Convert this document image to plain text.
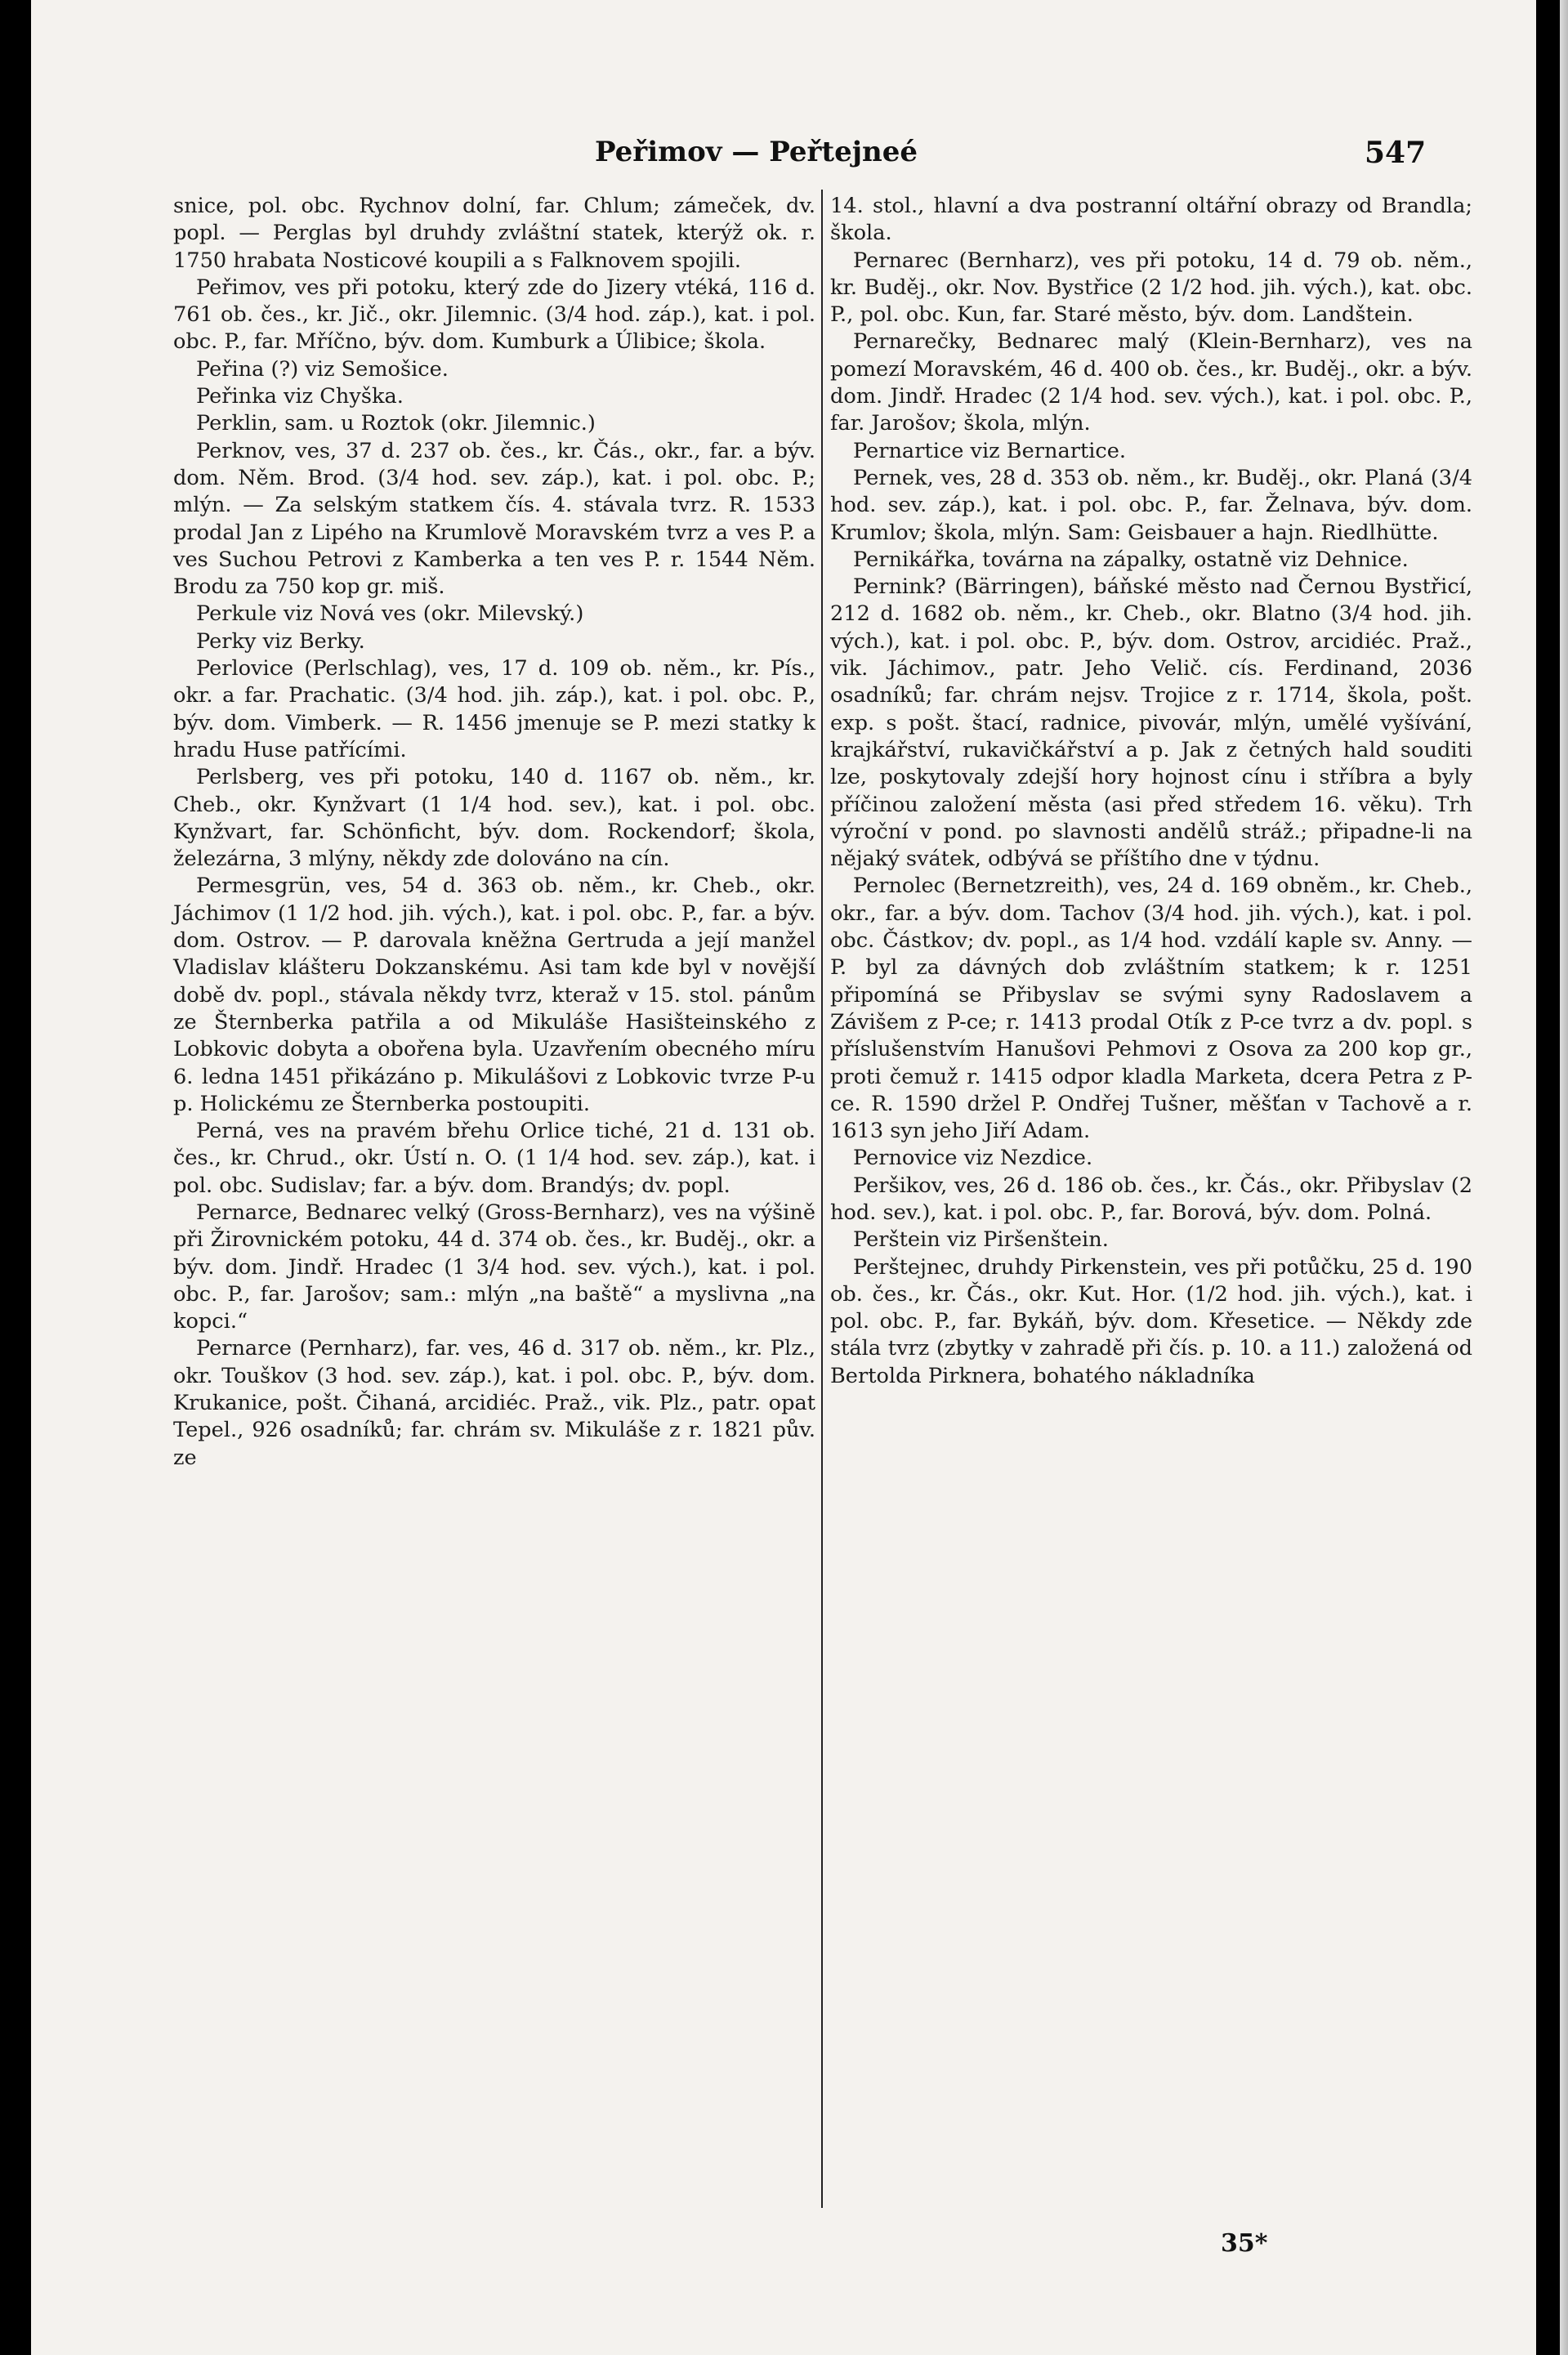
Peřimov — Peřtejneé	547

snice, pol. obc. Rychnov dolní, far. Chlum; zámeček, dv. popl. — Perglas byl druhdy zvláštní statek, kterýž ok. r. 1750 hrabata Nosticové koupili a s Falknovem spojili.

Peřimov, ves při potoku, který zde do Jizery vtéká, 116 d. 761 ob. čes., kr. Jič., okr. Jilemnic. (3/4 hod. záp.), kat. i pol. obc. P., far. Mříčno, býv. dom. Kumburk a Úlibice; škola.

Peřina (?) viz Semošice.

Peřinka viz Chyška.

Perklin, sam. u Roztok (okr. Jilemnic.)

Perknov, ves, 37 d. 237 ob. čes., kr. Čás., okr., far. a býv. dom. Něm. Brod. (3/4 hod. sev. záp.), kat. i pol. obc. P.; mlýn. — Za selským statkem čís. 4. stávala tvrz. R. 1533 prodal Jan z Lipého na Krumlově Moravském tvrz a ves P. a ves Suchou Petrovi z Kamberka a ten ves P. r. 1544 Něm. Brodu za 750 kop gr. miš.

Perkule viz Nová ves (okr. Milevský.)

Perky viz Berky.

Perlovice (Perlschlag), ves, 17 d. 109 ob. něm., kr. Pís., okr. a far. Prachatic. (3/4 hod. jih. záp.), kat. i pol. obc. P., býv. dom. Vimberk. — R. 1456 jmenuje se P. mezi statky k hradu Huse patřícími.

Perlsberg, ves při potoku, 140 d. 1167 ob. něm., kr. Cheb., okr. Kynžvart (1 1/4 hod. sev.), kat. i pol. obc. Kynžvart, far. Schönficht, býv. dom. Rockendorf; škola, železárna, 3 mlýny, někdy zde dolováno na cín.

Permesgrün, ves, 54 d. 363 ob. něm., kr. Cheb., okr. Jáchimov (1 1/2 hod. jih. vých.), kat. i pol. obc. P., far. a býv. dom. Ostrov. — P. darovala kněžna Gertruda a její manžel Vladislav klášteru Dokzanskému. Asi tam kde byl v novější době dv. popl., stávala někdy tvrz, kteraž v 15. stol. pánům ze Šternberka patřila a od Mikuláše Hasišteinského z Lobkovic dobyta a obořena byla. Uzavřením obecného míru 6. ledna 1451 přikázáno p. Mikulášovi z Lobkovic tvrze P-u p. Holickému ze Šternberka postoupiti.

Perná, ves na pravém břehu Orlice tiché, 21 d. 131 ob. čes., kr. Chrud., okr. Ústí n. O. (1 1/4 hod. sev. záp.), kat. i pol. obc. Sudislav; far. a býv. dom. Brandýs; dv. popl.

Pernarce, Bednarec velký (Gross-Bernharz), ves na výšině při Žirovnickém potoku, 44 d. 374 ob. čes., kr. Buděj., okr. a býv. dom. Jindř. Hradec (1 3/4 hod. sev. vých.), kat. i pol. obc. P., far. Jarošov; sam.: mlýn „na baště“ a myslivna „na kopci.“

Pernarce (Pernharz), far. ves, 46 d. 317 ob. něm., kr. Plz., okr. Touškov (3 hod. sev. záp.), kat. i pol. obc. P., býv. dom. Krukanice, pošt. Čihaná, arcidiéc. Praž., vik. Plz., patr. opat Tepel., 926 osadníků; far. chrám sv. Mikuláše z r. 1821 pův. ze

14. stol., hlavní a dva postranní oltářní obrazy od Brandla; škola.

Pernarec (Bernharz), ves při potoku, 14 d. 79 ob. něm., kr. Buděj., okr. Nov. Bystřice (2 1/2 hod. jih. vých.), kat. obc. P., pol. obc. Kun, far. Staré město, býv. dom. Landštein.

Pernarečky, Bednarec malý (Klein-Bernharz), ves na pomezí Moravském, 46 d. 400 ob. čes., kr. Buděj., okr. a býv. dom. Jindř. Hradec (2 1/4 hod. sev. vých.), kat. i pol. obc. P., far. Jarošov; škola, mlýn.

Pernartice viz Bernartice.

Pernek, ves, 28 d. 353 ob. něm., kr. Buděj., okr. Planá (3/4 hod. sev. záp.), kat. i pol. obc. P., far. Želnava, býv. dom. Krumlov; škola, mlýn. Sam: Geisbauer a hajn. Riedlhütte.

Pernikářka, továrna na zápalky, ostatně viz Dehnice.

Pernink? (Bärringen), báňské město nad Černou Bystřicí, 212 d. 1682 ob. něm., kr. Cheb., okr. Blatno (3/4 hod. jih. vých.), kat. i pol. obc. P., býv. dom. Ostrov, arcidiéc. Praž., vik. Jáchimov., patr. Jeho Velič. cís. Ferdinand, 2036 osadníků; far. chrám nejsv. Trojice z r. 1714, škola, pošt. exp. s pošt. štací, radnice, pivovár, mlýn, umělé vyšívání, krajkářství, rukavičkářství a p. Jak z četných hald souditi lze, poskytovaly zdejší hory hojnost cínu i stříbra a byly příčinou založení města (asi před středem 16. věku). Trh výroční v pond. po slavnosti andělů stráž.; připadne-li na nějaký svátek, odbývá se příštího dne v týdnu.

Pernolec (Bernetzreith), ves, 24 d. 169 obněm., kr. Cheb., okr., far. a býv. dom. Tachov (3/4 hod. jih. vých.), kat. i pol. obc. Částkov; dv. popl., as 1/4 hod. vzdálí kaple sv. Anny. — P. byl za dávných dob zvláštním statkem; k r. 1251 připomíná se Přibyslav se svými syny Radoslavem a Závišem z P-ce; r. 1413 prodal Otík z P-ce tvrz a dv. popl. s příslušenstvím Hanušovi Pehmovi z Osova za 200 kop gr., proti čemuž r. 1415 odpor kladla Marketa, dcera Petra z P-ce. R. 1590 držel P. Ondřej Tušner, měšťan v Tachově a r. 1613 syn jeho Jiří Adam.

Pernovice viz Nezdice.

Peršikov, ves, 26 d. 186 ob. čes., kr. Čás., okr. Přibyslav (2 hod. sev.), kat. i pol. obc. P., far. Borová, býv. dom. Polná.

Perštein viz Piršenštein.

Perštejnec, druhdy Pirkenstein, ves při potůčku, 25 d. 190 ob. čes., kr. Čás., okr. Kut. Hor. (1/2 hod. jih. vých.), kat. i pol. obc. P., far. Bykáň, býv. dom. Křesetice. — Někdy zde stála tvrz (zbytky v zahradě při čís. p. 10. a 11.) založená od Bertolda Pirknera, bohatého nákladníka

35*
